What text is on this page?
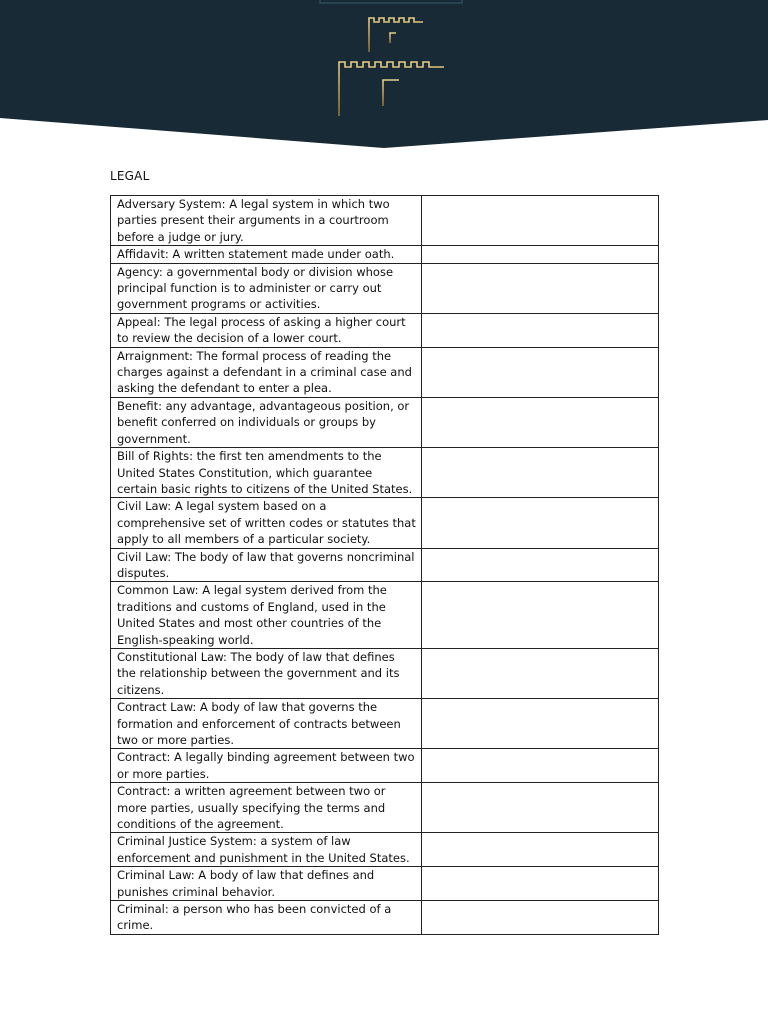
LEGAL
Adversary System: A legal system in which two parties present their arguments in a courtroom before a judge or jury.	
Affidavit: A written statement made under oath.	
Agency: a governmental body or division whose principal function is to administer or carry out government programs or activities.	
Appeal: The legal process of asking a higher court to review the decision of a lower court.	
Arraignment: The formal process of reading the charges against a defendant in a criminal case and asking the defendant to enter a plea.	
Benefit: any advantage, advantageous position, or benefit conferred on individuals or groups by government.	
Bill of Rights: the first ten amendments to the United States Constitution, which guarantee certain basic rights to citizens of the United States.	
Civil Law: A legal system based on a comprehensive set of written codes or statutes that apply to all members of a particular society.	
Civil Law: The body of law that governs noncriminal disputes.	
Common Law: A legal system derived from the traditions and customs of England, used in the United States and most other countries of the English-speaking world.	
Constitutional Law: The body of law that defines the relationship between the government and its citizens.	
Contract Law: A body of law that governs the formation and enforcement of contracts between two or more parties.	
Contract: A legally binding agreement between two or more parties.	
Contract: a written agreement between two or more parties, usually specifying the terms and conditions of the agreement.	
Criminal Justice System: a system of law enforcement and punishment in the United States.	
Criminal Law: A body of law that defines and punishes criminal behavior.	
Criminal: a person who has been convicted of a crime.	
